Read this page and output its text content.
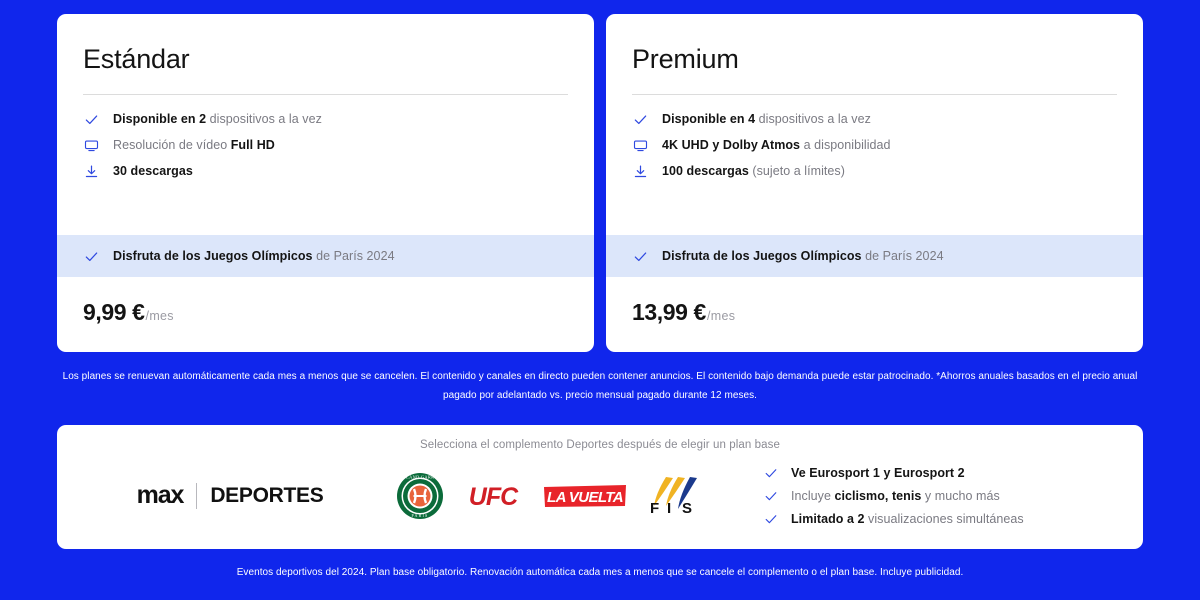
Estándar
Disponible en 2 dispositivos a la vez
Resolución de vídeo Full HD
30 descargas
Disfruta de los Juegos Olímpicos de París 2024
9,99 € /mes
Premium
Disponible en 4 dispositivos a la vez
4K UHD y Dolby Atmos a disponibilidad
100 descargas (sujeto a límites)
Disfruta de los Juegos Olímpicos de París 2024
13,99 € /mes
Los planes se renuevan automáticamente cada mes a menos que se cancelen. El contenido y canales en directo pueden contener anuncios. El contenido bajo demanda puede estar patrocinado. *Ahorros anuales basados en el precio anual pagado por adelantado vs. precio mensual pagado durante 12 meses.
Selecciona el complemento Deportes después de elegir un plan base
max DEPORTES
ROLAND GARROS
PARIS
UFC LA VUELTA
F I S
Ve Eurosport 1 y Eurosport 2
Incluye ciclismo, tenis y mucho más
Limitado a 2 visualizaciones simultáneas
Eventos deportivos del 2024. Plan base obligatorio. Renovación automática cada mes a menos que se cancele el complemento o el plan base. Incluye publicidad.
